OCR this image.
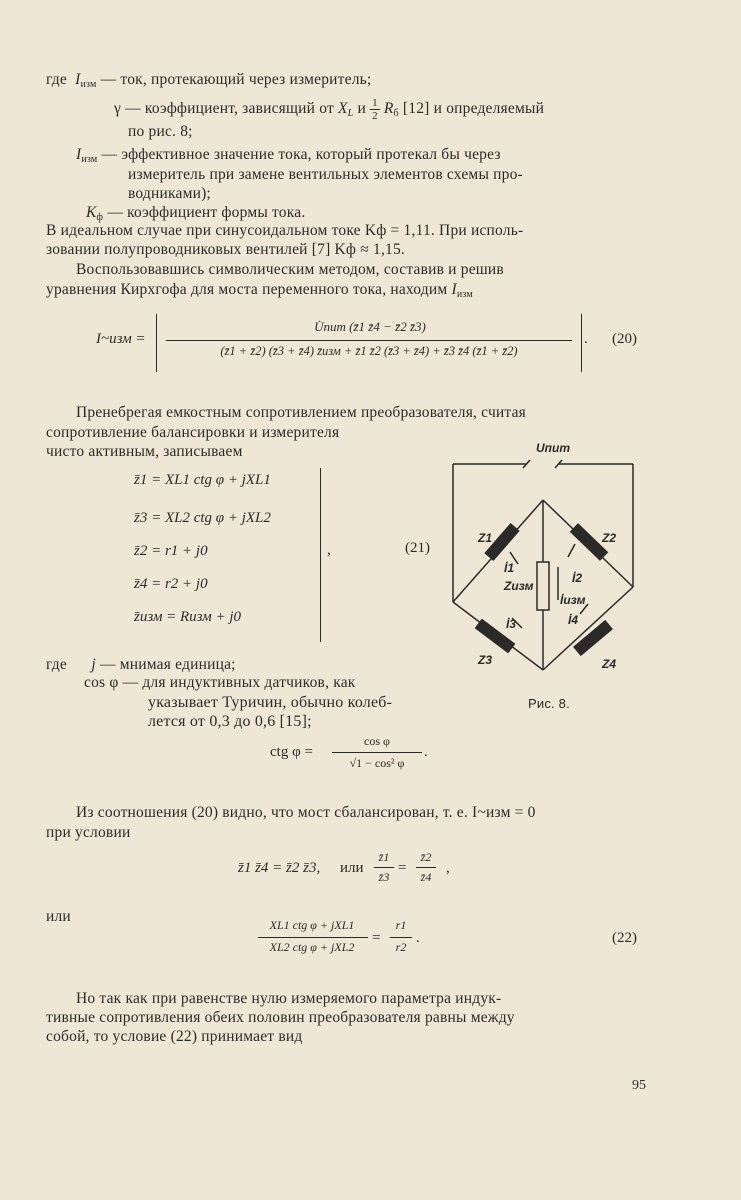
где Iизм — ток, протекающий через измеритель;
γ — коэффициент, зависящий от XL и $\frac{1}{2}$ Rб [12] и определяемый
по рис. 8;
Iизм — эффективное значение тока, который протекал бы через
измеритель при замене вентильных элементов схемы про-
водниками);
Kф — коэффициент формы тока.
В идеальном случае при синусоидальном токе Kф = 1,11. При исполь-
зовании полупроводниковых вентилей [7] Kф ≈ 1,15.
Воспользовавшись символическим методом, составив и решив
уравнения Кирхгофа для моста переменного тока, находим Iизм
I~изм =
U̇пит (z̄1 z̄4 − z̄2 z̄3)
(z̄1 + z̄2) (z̄3 + z̄4) z̄изм + z̄1 z̄2 (z̄3 + z̄4) + z̄3 z̄4 (z̄1 + z̄2)
. (20)
Пренебрегая емкостным сопротивлением преобразователя, считая
сопротивление балансировки и измерителя
чисто активным, записываем
z̄1 = XL1 ctg φ + jXL1
z̄3 = XL2 ctg φ + jXL2
z̄2 = r1 + j0
z̄4 = r2 + j0
z̄изм = Rизм + j0
,	(21)
Uпит
Z1	Z2
Z3	Z4
Zизм
İ1
İ2
İ3	İ4
İизм
Рис. 8.
где j — мнимая единица;
cos φ — для индуктивных датчиков, как
указывает Туричин, обычно колеб-
лется от 0,3 до 0,6 [15];
ctg φ =
cos φ
√1 − cos² φ
.
Из соотношения (20) видно, что мост сбалансирован, т. е. I~изм = 0
при условии
z̄1 z̄4 = z̄2 z̄3, или
z̄1
z̄3
=
z̄2
z̄4
,
или	XL1 ctg φ + jXL1
XL2 ctg φ + jXL2
=
r1
r2
.	(22)
Но так как при равенстве нулю измеряемого параметра индук-
тивные сопротивления обеих половин преобразователя равны между
собой, то условие (22) принимает вид
95
